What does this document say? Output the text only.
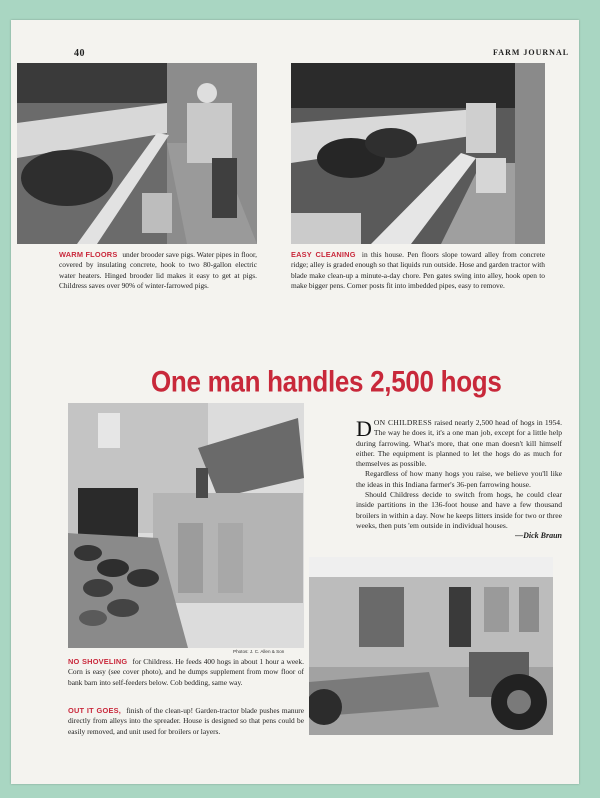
40	FARM JOURNAL
WARM FLOORS under brooder save pigs. Water pipes in floor, covered by insulating concrete, hook to two 80-gallon electric water heaters. Hinged brooder lid makes it easy to get at pigs. Childress saves over 90% of winter-farrowed pigs.
EASY CLEANING in this house. Pen floors slope toward alley from concrete ridge; alley is graded enough so that liquids run outside. Hose and garden tractor with blade make clean-up a minute-a-day chore. Pen gates swing into alley, hook open to make bigger pens. Corner posts fit into imbedded pipes, easy to remove.
One man handles 2,500 hogs
Photos: J. C. Allen & Son
NO SHOVELING for Childress. He feeds 400 hogs in about 1 hour a week. Corn is easy (see cover photo), and he dumps supplement from mow floor of bank barn into self-feeders below. Cob bedding, same way.
OUT IT GOES, finish of the clean-up! Garden-tractor blade pushes manure directly from alleys into the spreader. House is designed so that pens could be easily removed, and unit used for broilers or layers.

DON CHILDRESS raised nearly 2,500 head of hogs in 1954. The way he does it, it's a one man job, except for a little help during farrowing. What's more, that one man doesn't kill himself either. The equipment is planned to let the hogs do as much for themselves as possible.

Regardless of how many hogs you raise, we believe you'll like the ideas in this Indiana farmer's 36-pen farrowing house.

Should Childress decide to switch from hogs, he could clear inside partitions in the 136-foot house and have a few thousand broilers in within a day. Now he keeps litters inside for two or three weeks, then puts 'em outside in individual houses.

—Dick Braun
